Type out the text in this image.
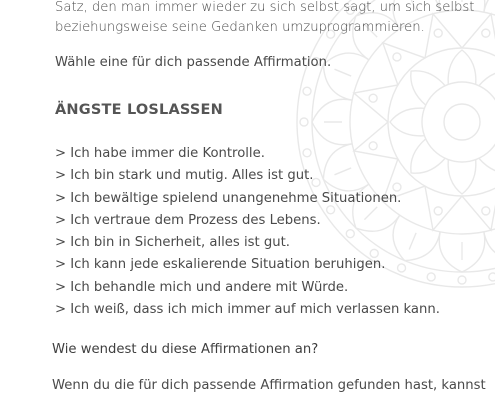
Satz, den man immer wieder zu sich selbst sagt, um sich selbst
beziehungsweise seine Gedanken umzuprogrammieren.

Wähle eine für dich passende Affirmation.

ÄNGSTE LOSLASSEN
> Ich habe immer die Kontrolle.
> Ich bin stark und mutig. Alles ist gut.
> Ich bewältige spielend unangenehme Situationen.
> Ich vertraue dem Prozess des Lebens.
> Ich bin in Sicherheit, alles ist gut.
> Ich kann jede eskalierende Situation beruhigen.
> Ich behandle mich und andere mit Würde.
> Ich weiß, dass ich mich immer auf mich verlassen kann.
Wie wendest du diese Affirmationen an?

Wenn du die für dich passende Affirmation gefunden hast, kannst
